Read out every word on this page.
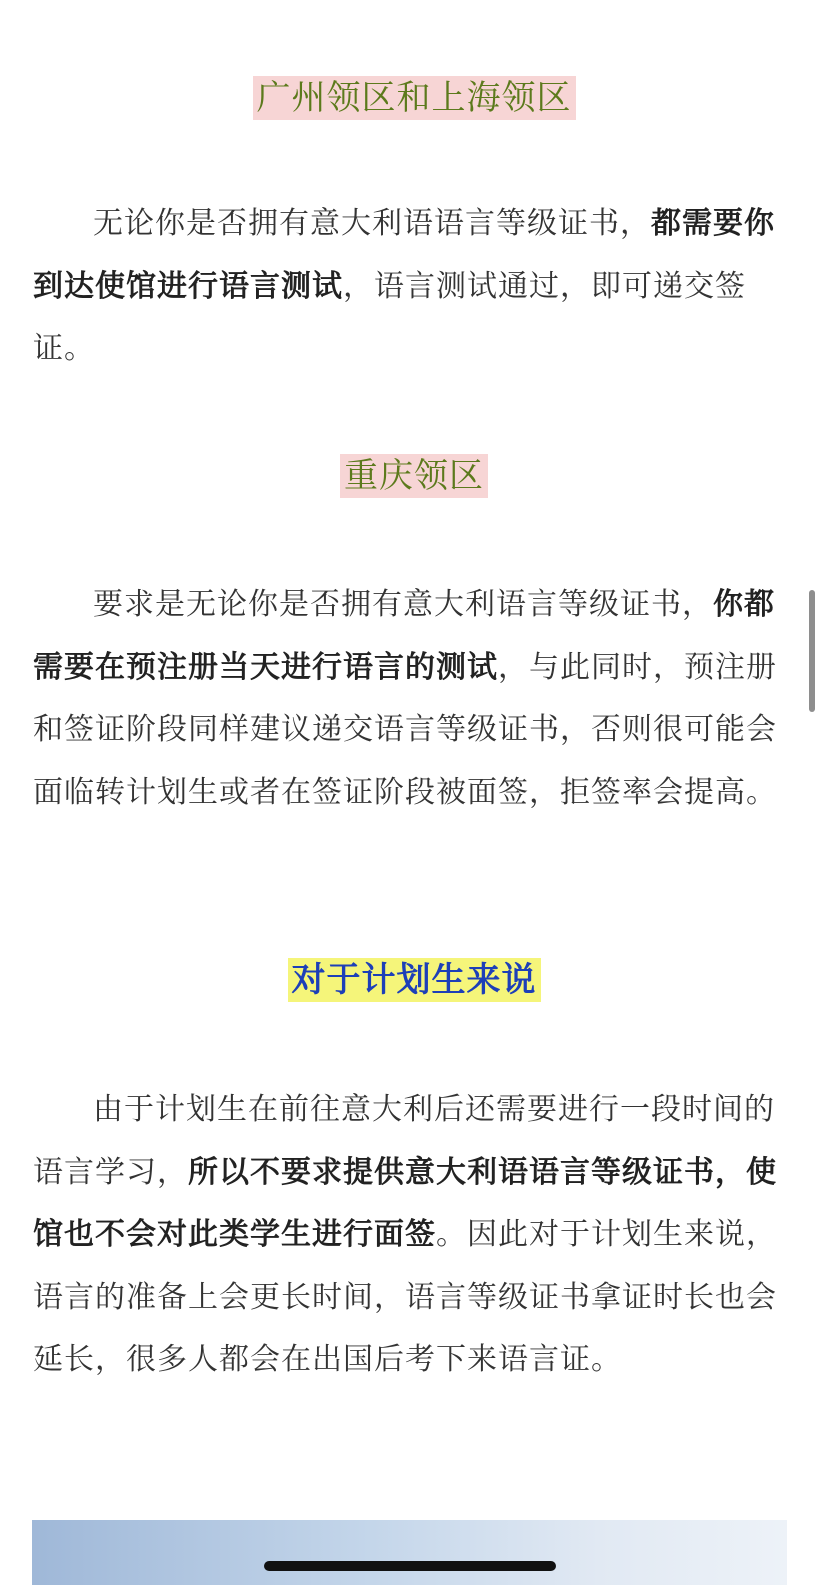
广州领区和上海领区

无论你是否拥有意大利语语言等级证书，都需要你到达使馆进行语言测试，语言测试通过，即可递交签证。

重庆领区

要求是无论你是否拥有意大利语言等级证书，你都需要在预注册当天进行语言的测试，与此同时，预注册和签证阶段同样建议递交语言等级证书，否则很可能会面临转计划生或者在签证阶段被面签，拒签率会提高。

对于计划生来说

由于计划生在前往意大利后还需要进行一段时间的语言学习，所以不要求提供意大利语语言等级证书，使馆也不会对此类学生进行面签。因此对于计划生来说，语言的准备上会更长时间，语言等级证书拿证时长也会延长，很多人都会在出国后考下来语言证。
